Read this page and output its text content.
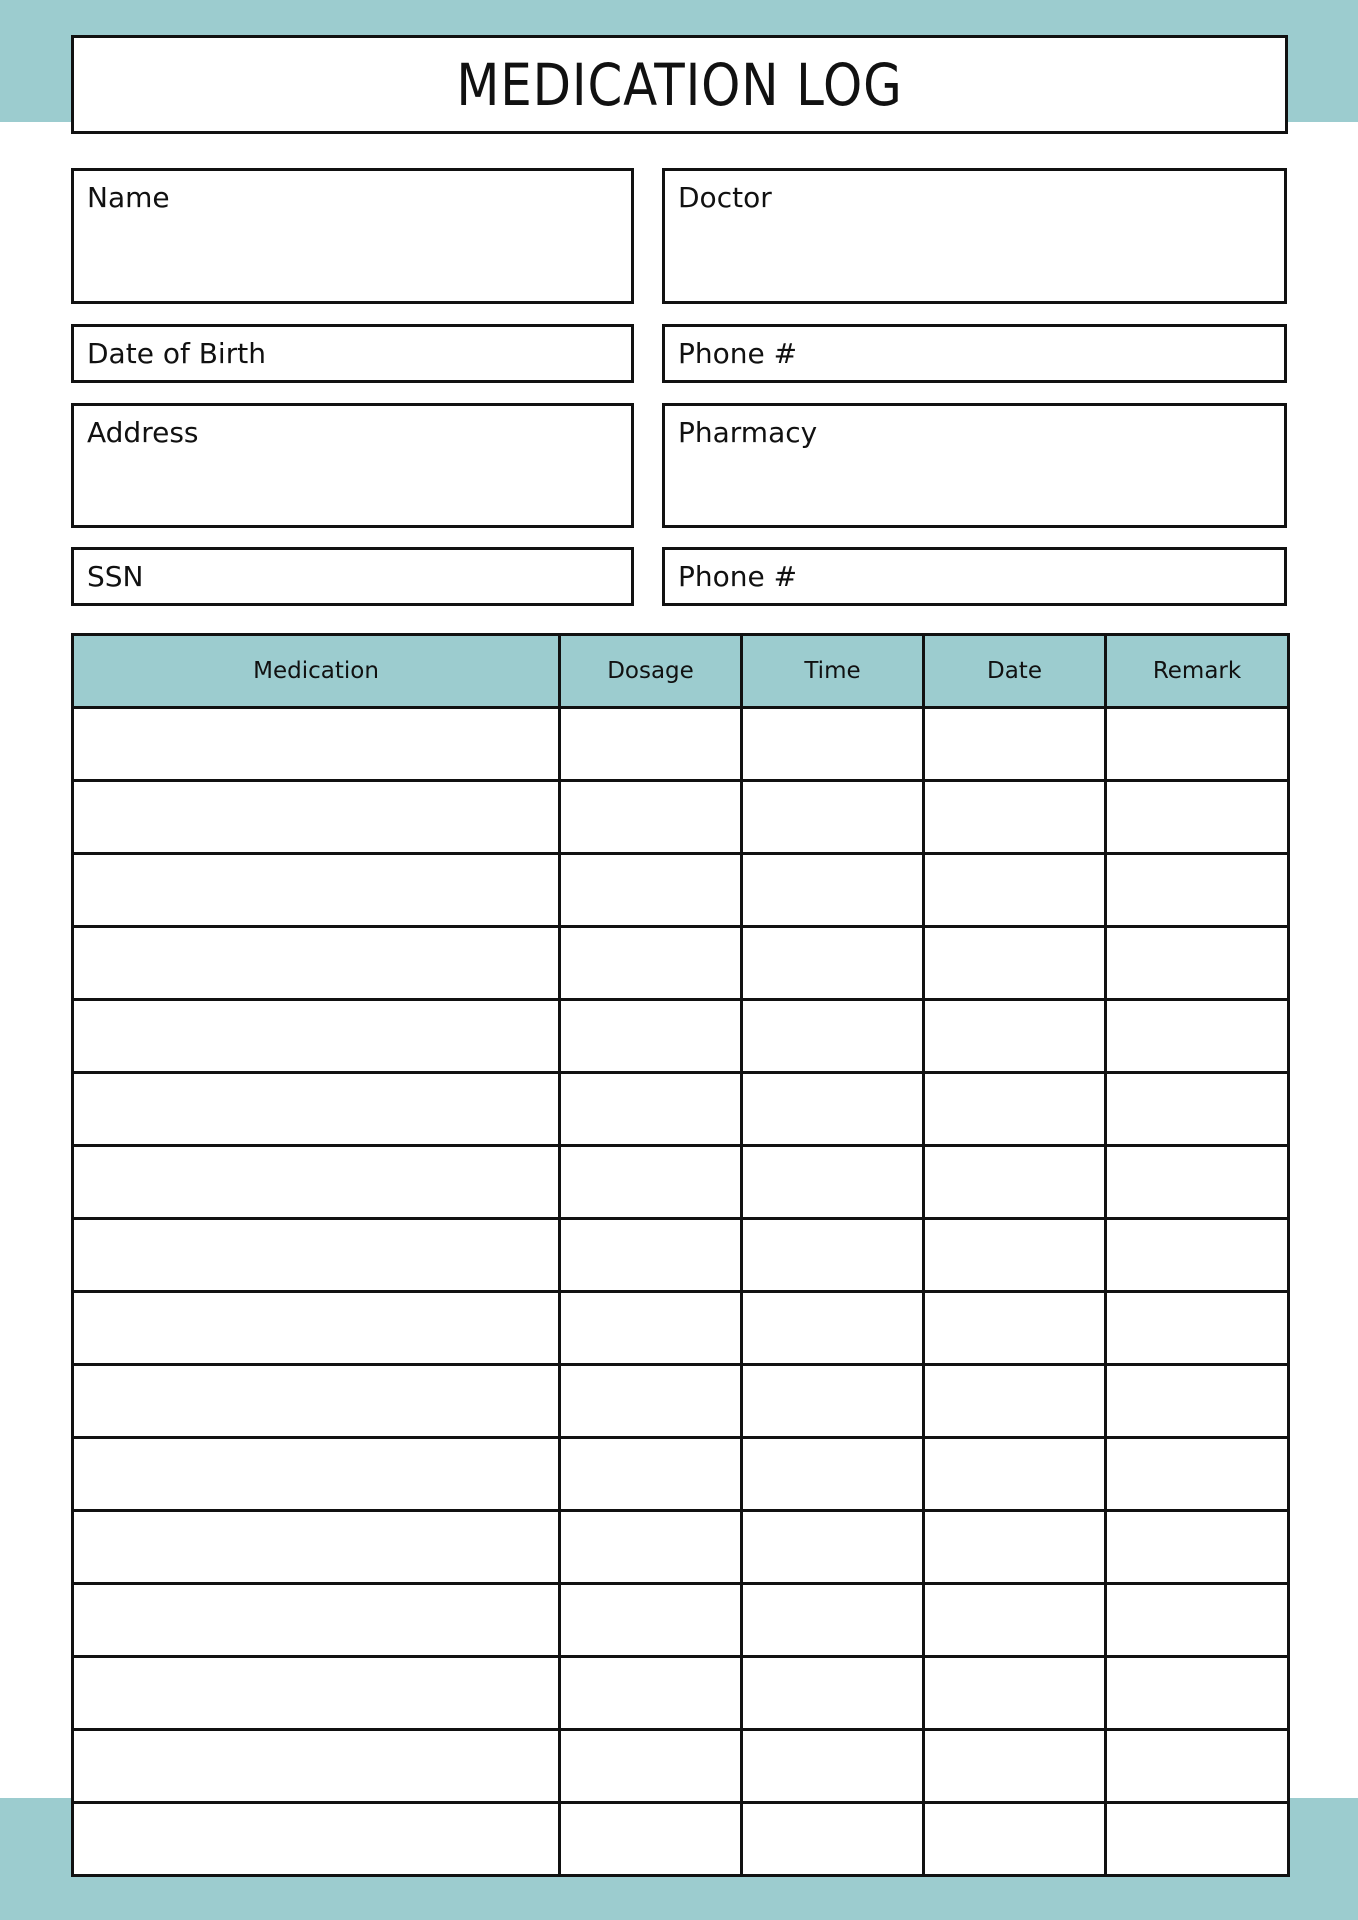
MEDICATION LOG
Name	Doctor
Date of Birth	Phone #
Address	Pharmacy
SSN	Phone #
Medication	Dosage	Time	Date	Remark
